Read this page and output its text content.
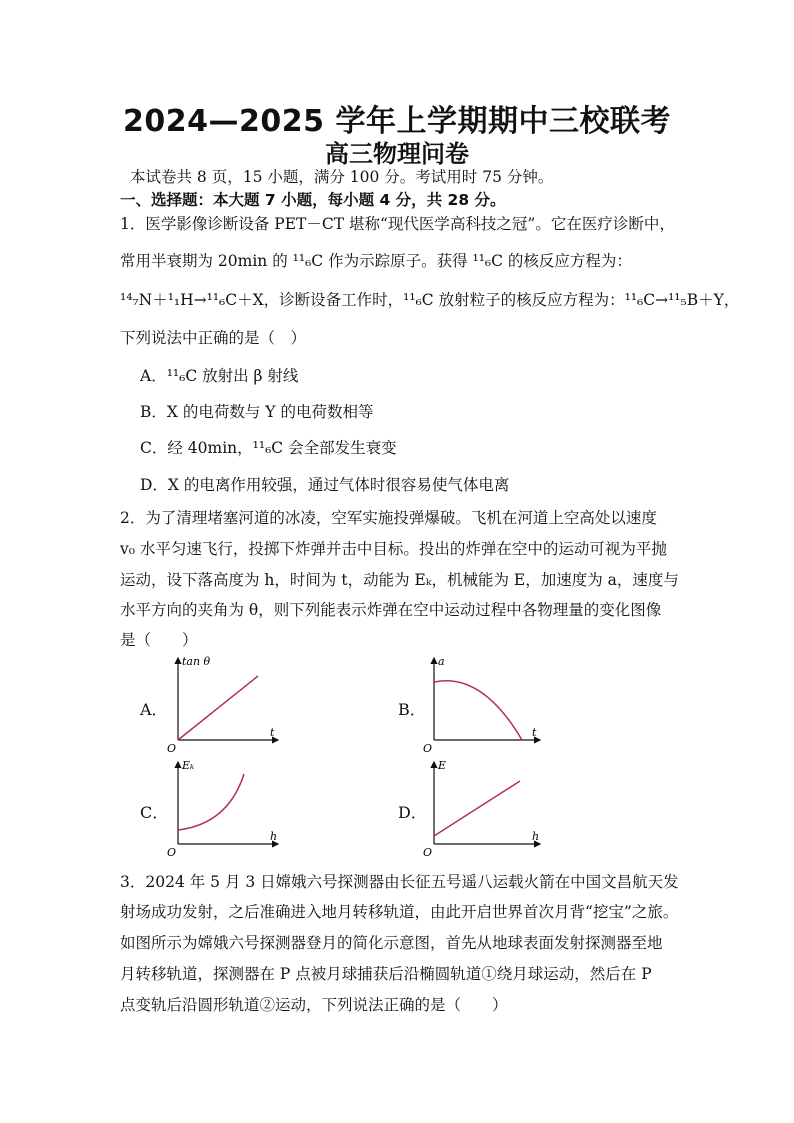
2024—2025 学年上学期期中三校联考
高三物理问卷
本试卷共 8 页，15 小题，满分 100 分。考试用时 75 分钟。
一、选择题：本大题 7 小题，每小题 4 分，共 28 分。
1．医学影像诊断设备 PET－CT 堪称“现代医学高科技之冠”。它在医疗诊断中，
常用半衰期为 20min 的 ¹¹₆C 作为示踪原子。获得 ¹¹₆C 的核反应方程为：
¹⁴₇N＋¹₁H→¹¹₆C＋X，诊断设备工作时，¹¹₆C 放射粒子的核反应方程为：¹¹₆C→¹¹₅B＋Y，
下列说法中正确的是（　）
A．¹¹₆C 放射出 β 射线
B．X 的电荷数与 Y 的电荷数相等
C．经 40min，¹¹₆C 会全部发生衰变
D．X 的电离作用较强，通过气体时很容易使气体电离
2．为了清理堵塞河道的冰凌，空军实施投弹爆破。飞机在河道上空高处以速度
v₀ 水平匀速飞行，投掷下炸弹并击中目标。投出的炸弹在空中的运动可视为平抛
运动，设下落高度为 h，时间为 t，动能为 Eₖ，机械能为 E，加速度为 a，速度与
水平方向的夹角为 θ，则下列能表示炸弹在空中运动过程中各物理量的变化图像
是（　　）
A．	B．
C．	D．
tan θ
t
O
a
t
O
Eₖ
h
O
E
h
O
3．2024 年 5 月 3 日嫦娥六号探测器由长征五号遥八运载火箭在中国文昌航天发
射场成功发射，之后准确进入地月转移轨道，由此开启世界首次月背“挖宝”之旅。
如图所示为嫦娥六号探测器登月的简化示意图，首先从地球表面发射探测器至地
月转移轨道，探测器在 P 点被月球捕获后沿椭圆轨道①绕月球运动，然后在 P
点变轨后沿圆形轨道②运动，下列说法正确的是（　　）
